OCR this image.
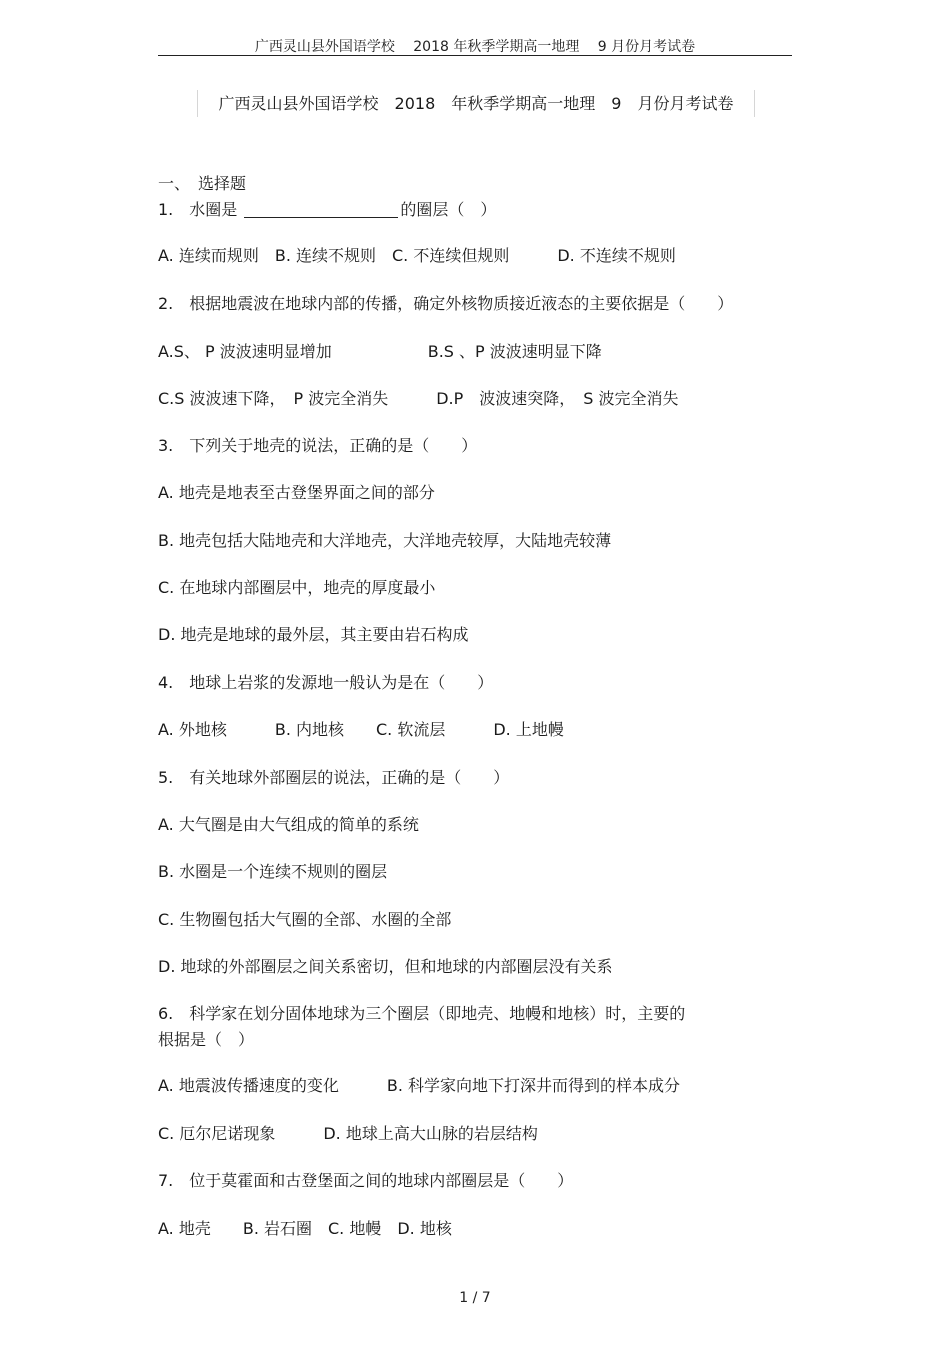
广西灵山县外国语学校　 2018 年秋季学期高一地理　 9 月份月考试卷
广西灵山县外国语学校　2018　年秋季学期高一地理　9　月份月考试卷
一、　选择题
1.　水圈是	的圈层（　）
A. 连续而规则　B. 连续不规则　C. 不连续但规则　　　D. 不连续不规则
2.　根据地震波在地球内部的传播，确定外核物质接近液态的主要依据是（　　）
A.S、 P 波波速明显增加　　　　　　B.S 、P 波波速明显下降
C.S 波波速下降，　P 波完全消失　　　D.P　波波速突降，　S 波完全消失
3.　下列关于地壳的说法，正确的是（　　）
A. 地壳是地表至古登堡界面之间的部分
B. 地壳包括大陆地壳和大洋地壳，大洋地壳较厚，大陆地壳较薄
C. 在地球内部圈层中，地壳的厚度最小
D. 地壳是地球的最外层，其主要由岩石构成
4.　地球上岩浆的发源地一般认为是在（　　）
A. 外地核　　　B. 内地核　　C. 软流层　　　D. 上地幔
5.　有关地球外部圈层的说法，正确的是（　　）
A. 大气圈是由大气组成的简单的系统
B. 水圈是一个连续不规则的圈层
C. 生物圈包括大气圈的全部、水圈的全部
D. 地球的外部圈层之间关系密切，但和地球的内部圈层没有关系
6.　科学家在划分固体地球为三个圈层（即地壳、地幔和地核）时，主要的
根据是（　）
A. 地震波传播速度的变化　　　B. 科学家向地下打深井而得到的样本成分
C. 厄尔尼诺现象　　　D. 地球上高大山脉的岩层结构
7.　位于莫霍面和古登堡面之间的地球内部圈层是（　　）
A. 地壳　　B. 岩石圈　C. 地幔　D. 地核
1 / 7
